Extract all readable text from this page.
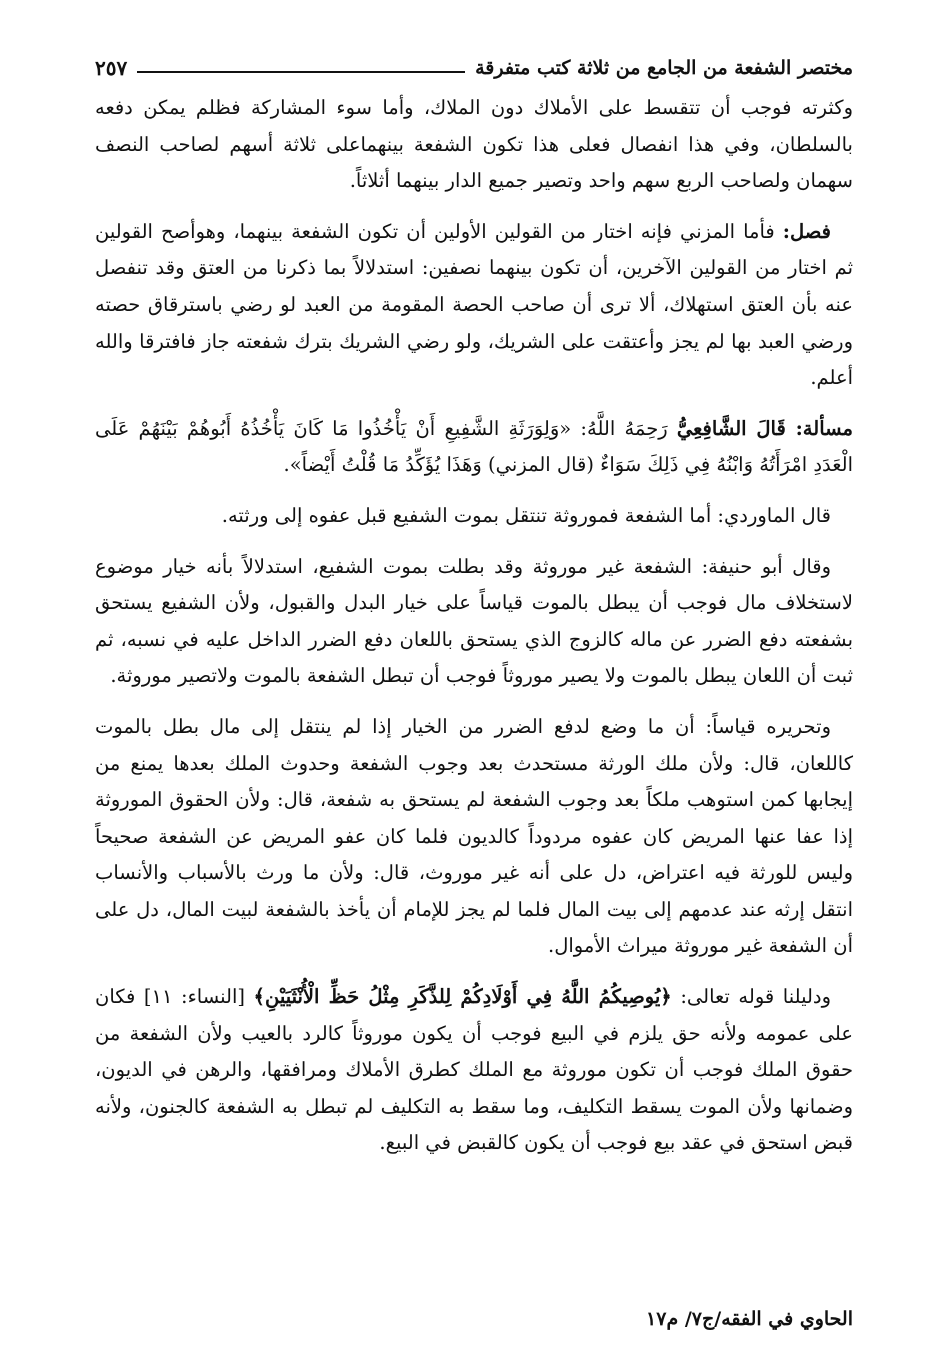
مختصر الشفعة من الجامع من ثلاثة كتب متفرقة
٢٥٧

وكثرته فوجب أن تتقسط على الأملاك دون الملاك، وأما سوء المشاركة فظلم يمكن دفعه بالسلطان، وفي هذا انفصال فعلى هذا تكون الشفعة بينهماعلى ثلاثة أسهم لصاحب النصف سهمان ولصاحب الربع سهم واحد وتصير جميع الدار بينهما أثلاثاً.

فصل: فأما المزني فإنه اختار من القولين الأولين أن تكون الشفعة بينهما، وهوأصح القولين ثم اختار من القولين الآخرين، أن تكون بينهما نصفين: استدلالاً بما ذكرنا من العتق وقد تنفصل عنه بأن العتق استهلاك، ألا ترى أن صاحب الحصة المقومة من العبد لو رضي باسترقاق حصته ورضي العبد بها لم يجز وأعتقت على الشريك، ولو رضي الشريك بترك شفعته جاز فافترقا والله أعلم.

مسألة: قَالَ الشَّافِعِيُّ رَحِمَهُ اللَّهُ: «وَلِوَرَثَةِ الشَّفِيعِ أَنْ يَأْخُذُوا مَا كَانَ يَأْخُذُهُ أَبُوهُمْ بَيْنَهُمْ عَلَى الْعَدَدِ امْرَأَتُهُ وَابْنُهُ فِي ذَلِكَ سَوَاءٌ (قال المزني) وَهَذَا يُؤَكِّدُ مَا قُلْتُ أَيْضاً».

قال الماوردي: أما الشفعة فموروثة تنتقل بموت الشفيع قبل عفوه إلى ورثته.

وقال أبو حنيفة: الشفعة غير موروثة وقد بطلت بموت الشفيع، استدلالاً بأنه خيار موضوع لاستخلاف مال فوجب أن يبطل بالموت قياساً على خيار البدل والقبول، ولأن الشفيع يستحق بشفعته دفع الضرر عن ماله كالزوج الذي يستحق باللعان دفع الضرر الداخل عليه في نسبه، ثم ثبت أن اللعان يبطل بالموت ولا يصير موروثاً فوجب أن تبطل الشفعة بالموت ولاتصير موروثة.

وتحريره قياساً: أن ما وضع لدفع الضرر من الخيار إذا لم ينتقل إلى مال بطل بالموت كاللعان، قال: ولأن ملك الورثة مستحدث بعد وجوب الشفعة وحدوث الملك بعدها يمنع من إيجابها كمن استوهب ملكاً بعد وجوب الشفعة لم يستحق به شفعة، قال: ولأن الحقوق الموروثة إذا عفا عنها المريض كان عفوه مردوداً كالديون فلما كان عفو المريض عن الشفعة صحيحاً وليس للورثة فيه اعتراض، دل على أنه غير موروث، قال: ولأن ما ورث بالأسباب والأنساب انتقل إرثه عند عدمهم إلى بيت المال فلما لم يجز للإمام أن يأخذ بالشفعة لبيت المال، دل على أن الشفعة غير موروثة ميراث الأموال.

ودليلنا قوله تعالى: ﴿يُوصِيكُمُ اللَّهُ فِي أَوْلَادِكُمْ لِلذَّكَرِ مِثْلُ حَظِّ الْأُنْثَيَيْنِ﴾ [النساء: ١١] فكان على عمومه ولأنه حق يلزم في البيع فوجب أن يكون موروثاً كالرد بالعيب ولأن الشفعة من حقوق الملك فوجب أن تكون موروثة مع الملك كطرق الأملاك ومرافقها، والرهن في الديون، وضمانها ولأن الموت يسقط التكليف، وما سقط به التكليف لم تبطل به الشفعة كالجنون، ولأنه قبض استحق في عقد بيع فوجب أن يكون كالقبض في البيع.

الحاوي في الفقه/ج٧/ م١٧
